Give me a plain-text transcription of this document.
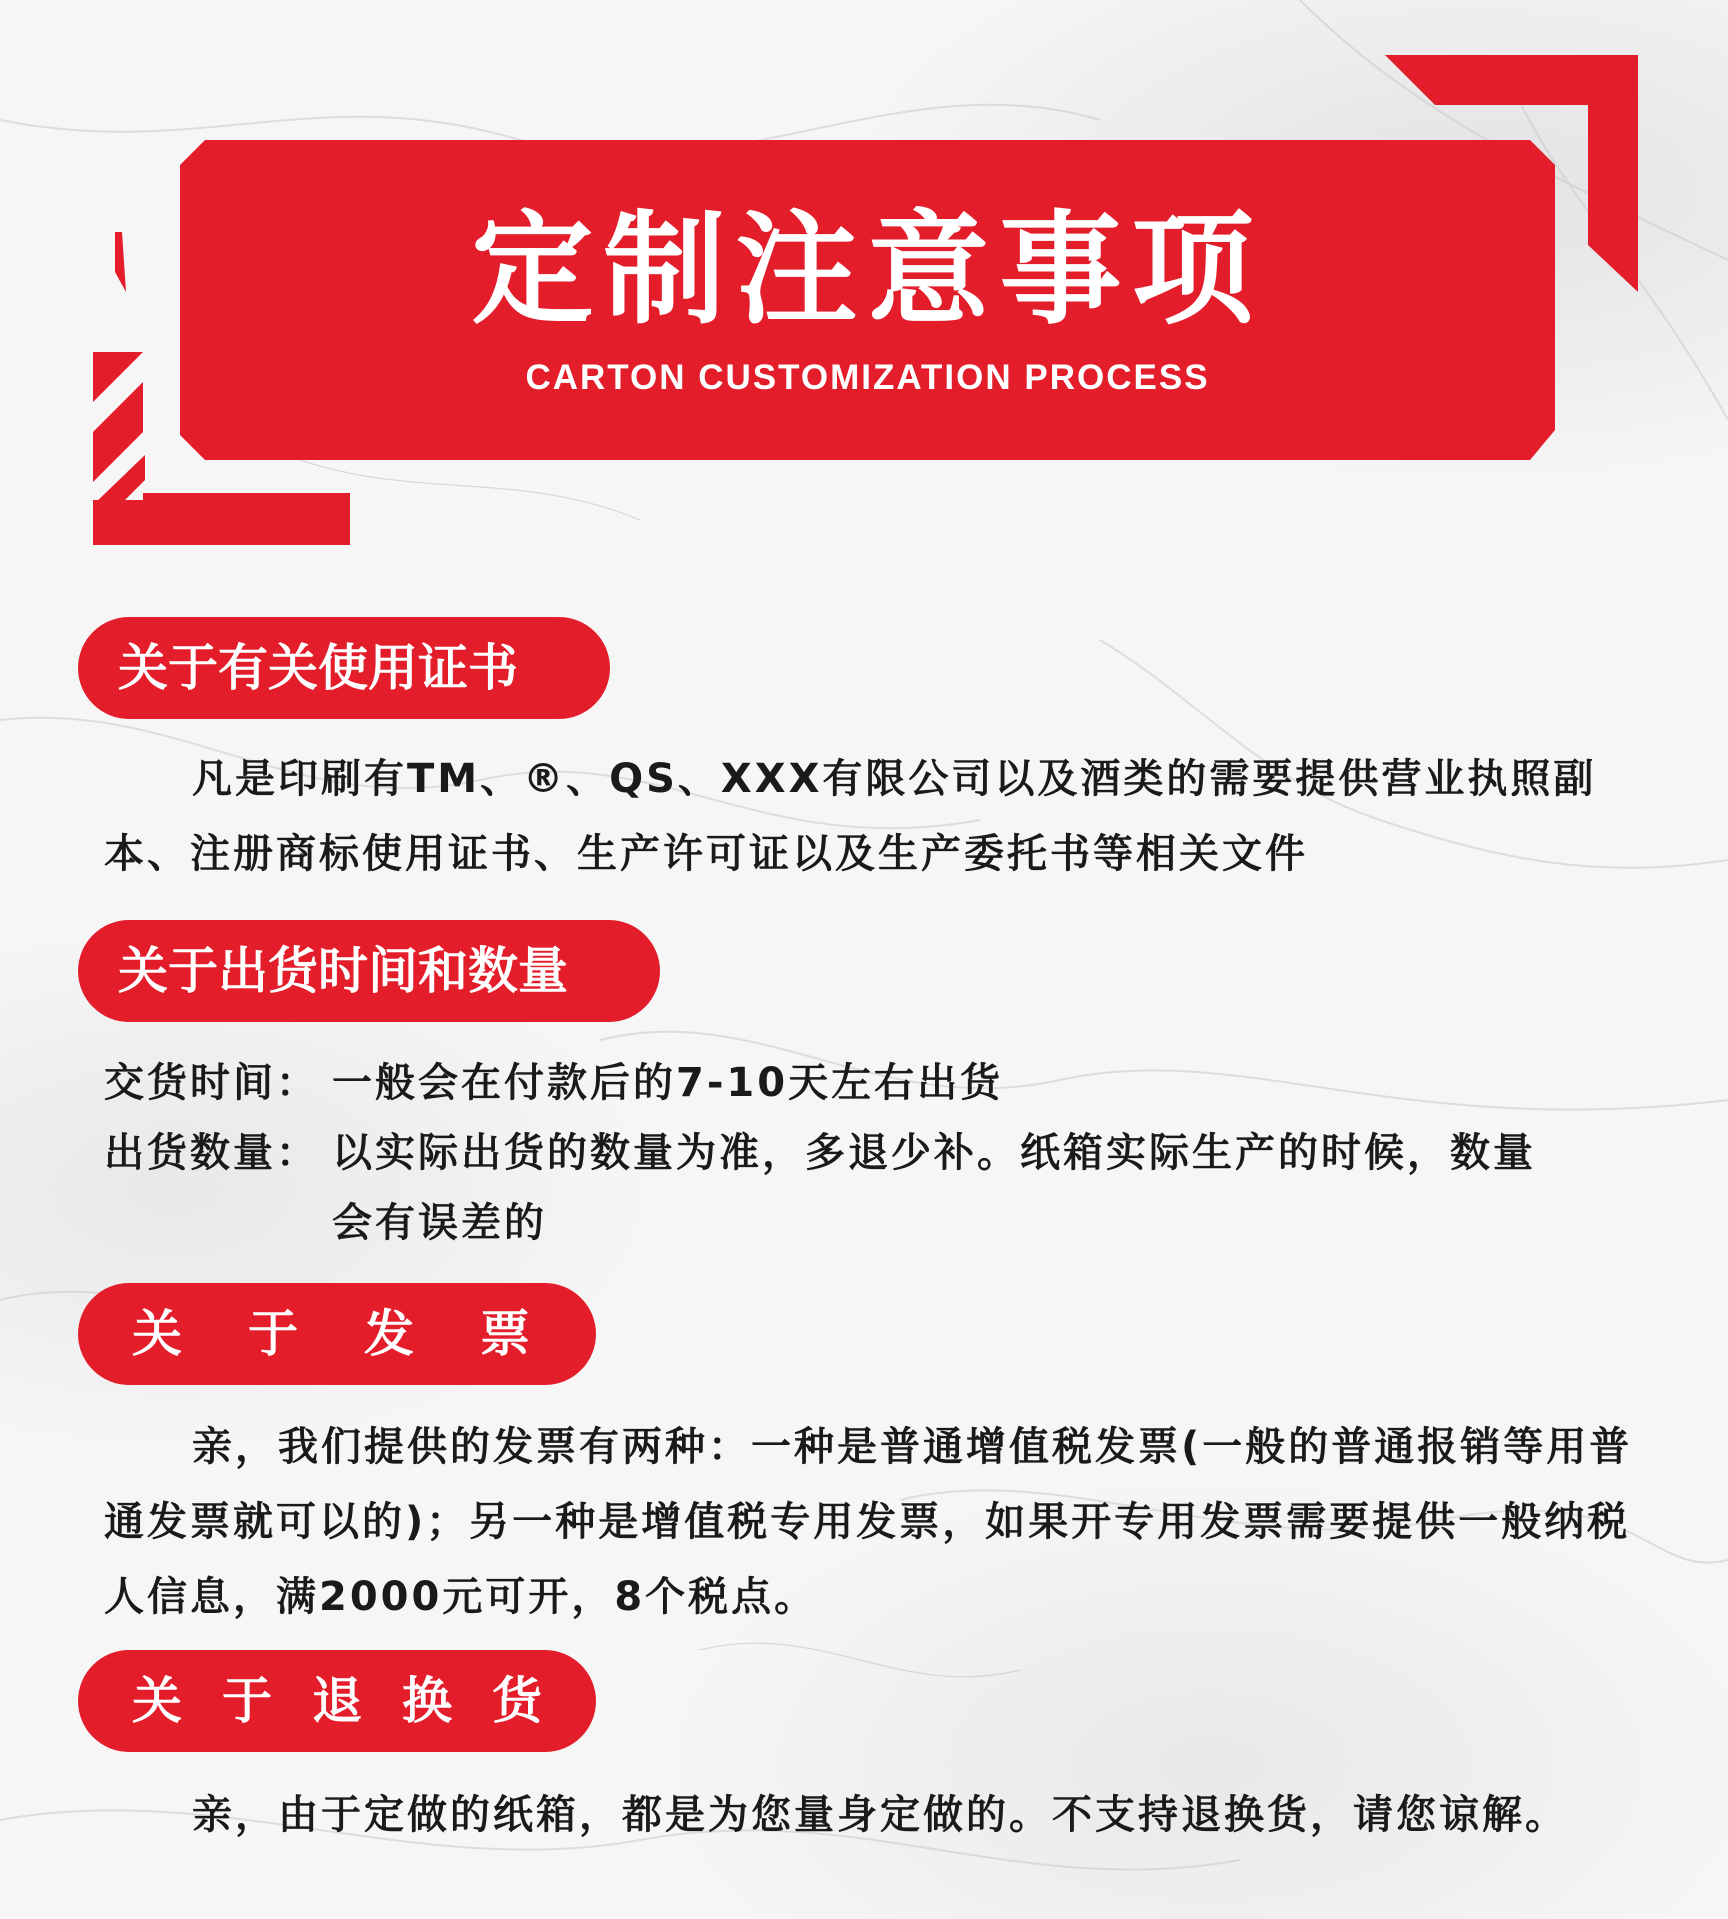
定制注意事项
CARTON CUSTOMIZATION PROCESS
关于有关使用证书
凡是印刷有TM、®、QS、XXX有限公司以及酒类的需要提供营业执照副本、注册商标使用证书、生产许可证以及生产委托书等相关文件
关于出货时间和数量
交货时间： 一般会在付款后的7-10天左右出货
出货数量： 以实际出货的数量为准，多退少补。纸箱实际生产的时候，数量
会有误差的
关于发票
亲，我们提供的发票有两种：一种是普通增值税发票(一般的普通报销等用普通发票就可以的)；另一种是增值税专用发票，如果开专用发票需要提供一般纳税人信息，满2000元可开，8个税点。
关于退换货
亲，由于定做的纸箱，都是为您量身定做的。不支持退换货，请您谅解。
